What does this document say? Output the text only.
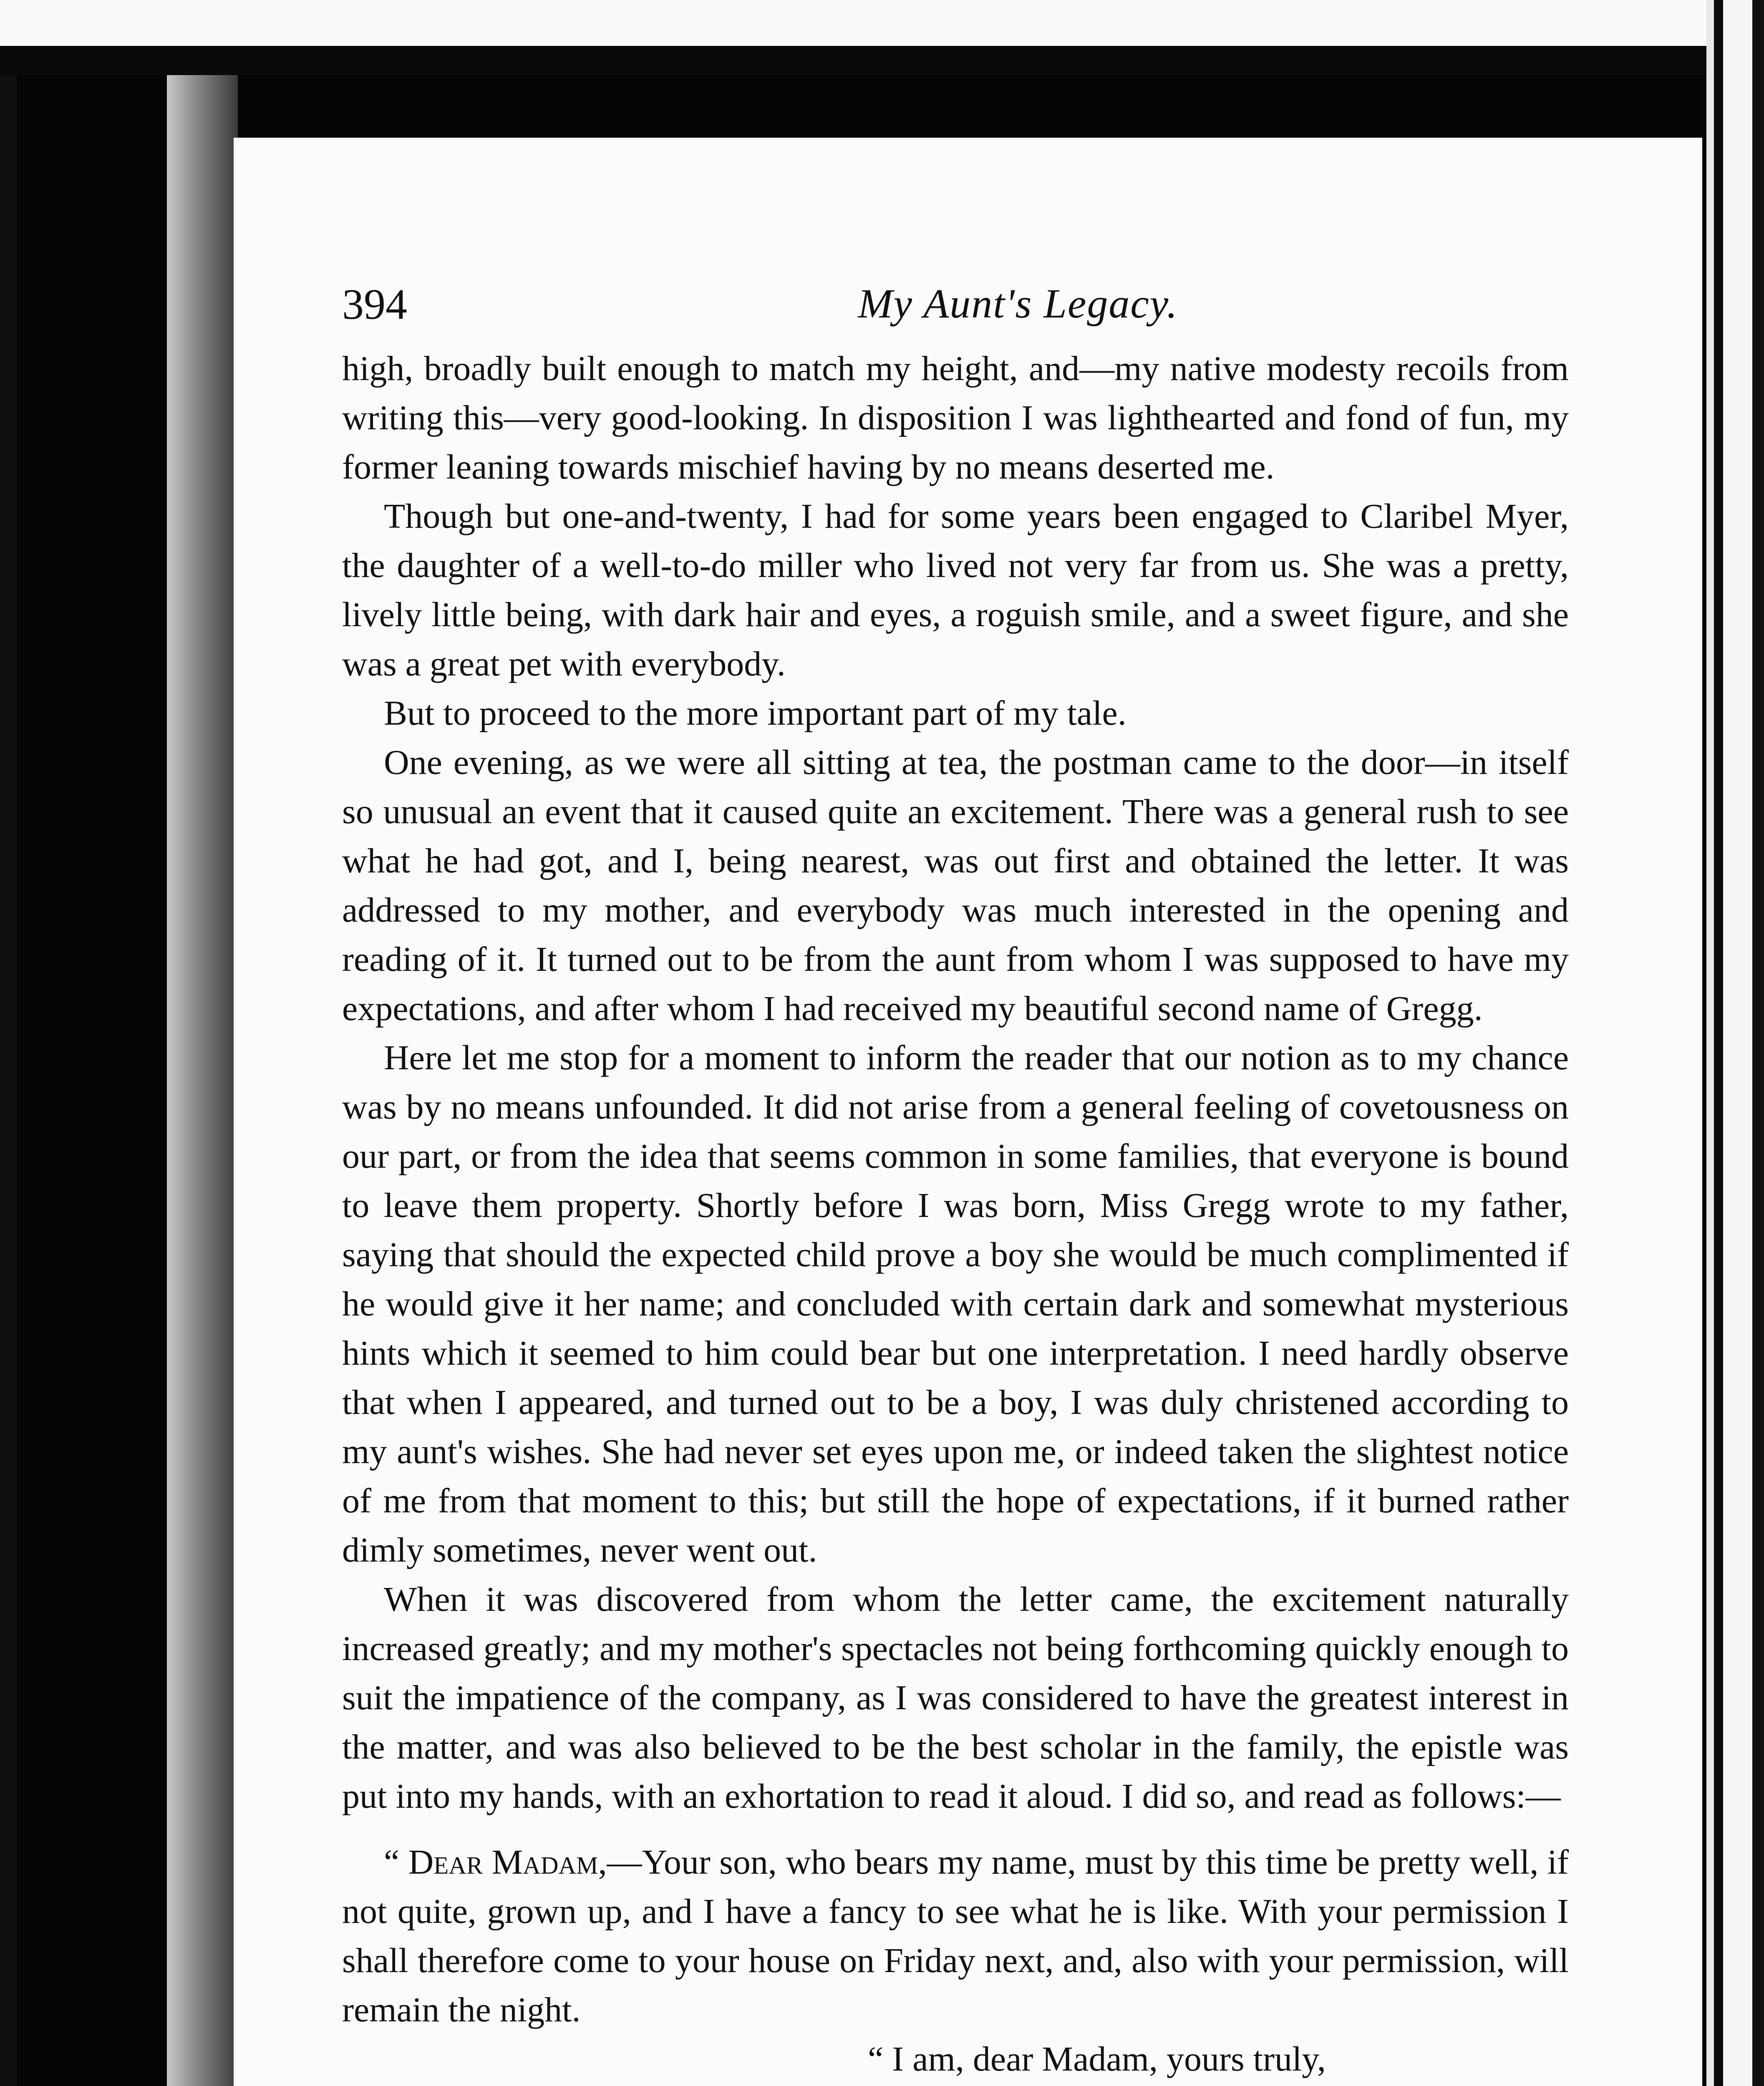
394	My Aunt's Legacy.

high, broadly built enough to match my height, and—my native modesty recoils from writing this—very good-looking. In disposition I was lighthearted and fond of fun, my former leaning towards mischief having by no means deserted me.

Though but one-and-twenty, I had for some years been engaged to Claribel Myer, the daughter of a well-to-do miller who lived not very far from us. She was a pretty, lively little being, with dark hair and eyes, a roguish smile, and a sweet figure, and she was a great pet with everybody.

But to proceed to the more important part of my tale.

One evening, as we were all sitting at tea, the postman came to the door—in itself so unusual an event that it caused quite an excitement. There was a general rush to see what he had got, and I, being nearest, was out first and obtained the letter. It was addressed to my mother, and everybody was much interested in the opening and reading of it. It turned out to be from the aunt from whom I was supposed to have my expectations, and after whom I had received my beautiful second name of Gregg.

Here let me stop for a moment to inform the reader that our notion as to my chance was by no means unfounded. It did not arise from a general feeling of covetousness on our part, or from the idea that seems common in some families, that everyone is bound to leave them property. Shortly before I was born, Miss Gregg wrote to my father, saying that should the expected child prove a boy she would be much complimented if he would give it her name; and concluded with certain dark and somewhat mysterious hints which it seemed to him could bear but one interpretation. I need hardly observe that when I appeared, and turned out to be a boy, I was duly christened according to my aunt's wishes. She had never set eyes upon me, or indeed taken the slightest notice of me from that moment to this; but still the hope of expectations, if it burned rather dimly sometimes, never went out.

When it was discovered from whom the letter came, the excitement naturally increased greatly; and my mother's spectacles not being forthcoming quickly enough to suit the impatience of the company, as I was considered to have the greatest interest in the matter, and was also believed to be the best scholar in the family, the epistle was put into my hands, with an exhortation to read it aloud. I did so, and read as follows:—

“ Dear Madam,—Your son, who bears my name, must by this time be pretty well, if not quite, grown up, and I have a fancy to see what he is like. With your permission I shall therefore come to your house on Friday next, and, also with your permission, will remain the night.

“ I am, dear Madam, yours truly,
